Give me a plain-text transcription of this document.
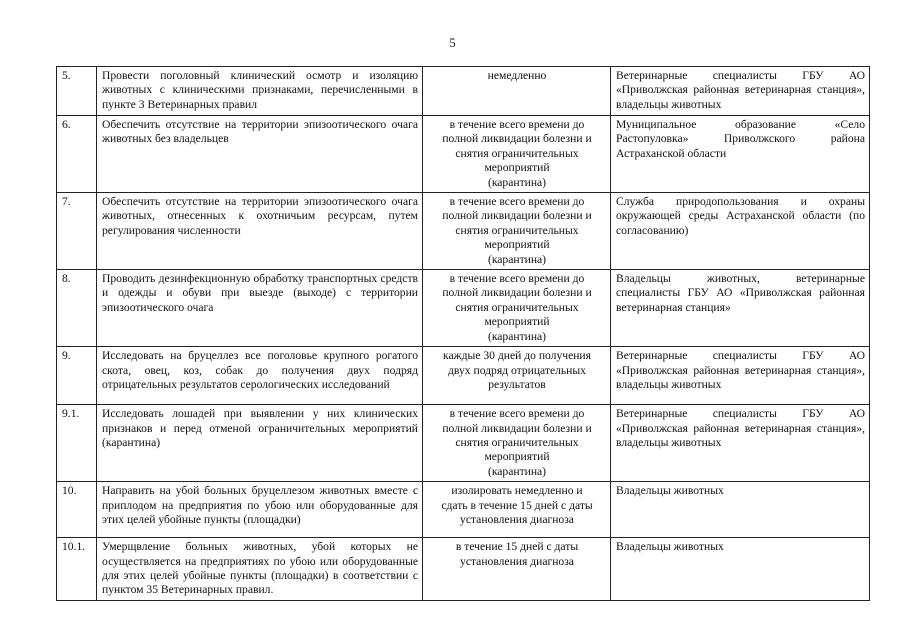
5
5.	Провести поголовный клинический осмотр и изоляцию животных с клиническими признаками, перечисленными в пункте 3 Ветеринарных правил	немедленно	Ветеринарные специалисты ГБУ АО «Приволжская районная ветеринарная станция», владельцы животных
6.	Обеспечить отсутствие на территории эпизоотического очага животных без владельцев	в течение всего времени до
полной ликвидации болезни и
снятия ограничительных мероприятий
(карантина)	Муниципальное образование «Село Растопуловка» Приволжского района Астраханской области
7.	Обеспечить отсутствие на территории эпизоотического очага животных, отнесенных к охотничьим ресурсам, путем регулирования численности	в течение всего времени до
полной ликвидации болезни и
снятия ограничительных мероприятий
(карантина)	Служба природопользования и охраны окружающей среды Астраханской области (по согласованию)
8.	Проводить дезинфекционную обработку транспортных средств и одежды и обуви при выезде (выходе) с территории эпизоотического очага	в течение всего времени до
полной ликвидации болезни и
снятия ограничительных мероприятий
(карантина)	Владельцы животных, ветеринарные специалисты ГБУ АО «Приволжская районная ветеринарная станция»
9.	Исследовать на бруцеллез все поголовье крупного рогатого скота, овец, коз, собак до получения двух подряд отрицательных результатов серологических исследований	каждые 30 дней до получения
двух подряд отрицательных результатов	Ветеринарные специалисты ГБУ АО «Приволжская районная ветеринарная станция», владельцы животных
9.1.	Исследовать лошадей при выявлении у них клинических признаков и перед отменой ограничительных мероприятий (карантина)	в течение всего времени до
полной ликвидации болезни и
снятия ограничительных мероприятий
(карантина)	Ветеринарные специалисты ГБУ АО «Приволжская районная ветеринарная станция», владельцы животных
10.	Направить на убой больных бруцеллезом животных вместе с приплодом на предприятия по убою или оборудованные для этих целей убойные пункты (площадки)	изолировать немедленно и
сдать в течение 15 дней с даты
установления диагноза	Владельцы животных
10.1.	Умерщвление больных животных, убой которых не осуществляется на предприятиях по убою или оборудованные для этих целей убойные пункты (площадки) в соответствии с пунктом 35 Ветеринарных правил.	в течение 15 дней с даты установления диагноза	Владельцы животных
